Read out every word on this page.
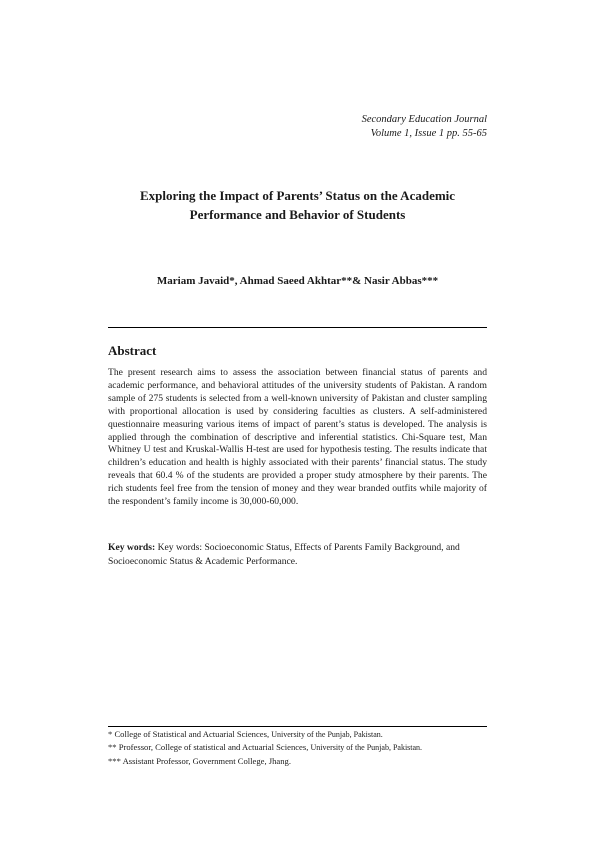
Secondary Education Journal
Volume 1, Issue 1 pp. 55-65
Exploring the Impact of Parents’ Status on the Academic
Performance and Behavior of Students
Mariam Javaid*, Ahmad Saeed Akhtar**& Nasir Abbas***
Abstract
The present research aims to assess the association between financial status of parents and academic performance, and behavioral attitudes of the university students of Pakistan. A random sample of 275 students is selected from a well-known university of Pakistan and cluster sampling with proportional allocation is used by considering faculties as clusters. A self-administered questionnaire measuring various items of impact of parent’s status is developed. The analysis is applied through the combination of descriptive and inferential statistics. Chi-Square test, Man Whitney U test and Kruskal-Wallis H-test are used for hypothesis testing. The results indicate that children’s education and health is highly associated with their parents’ financial status. The study reveals that 60.4 % of the students are provided a proper study atmosphere by their parents. The rich students feel free from the tension of money and they wear branded outfits while majority of the respondent’s family income is 30,000-60,000.
Key words: Key words: Socioeconomic Status, Effects of Parents Family Background, and Socioeconomic Status & Academic Performance.

* College of Statistical and Actuarial Sciences, University of the Punjab, Pakistan.

** Professor, College of statistical and Actuarial Sciences, University of the Punjab, Pakistan.

*** Assistant Professor, Government College, Jhang.
